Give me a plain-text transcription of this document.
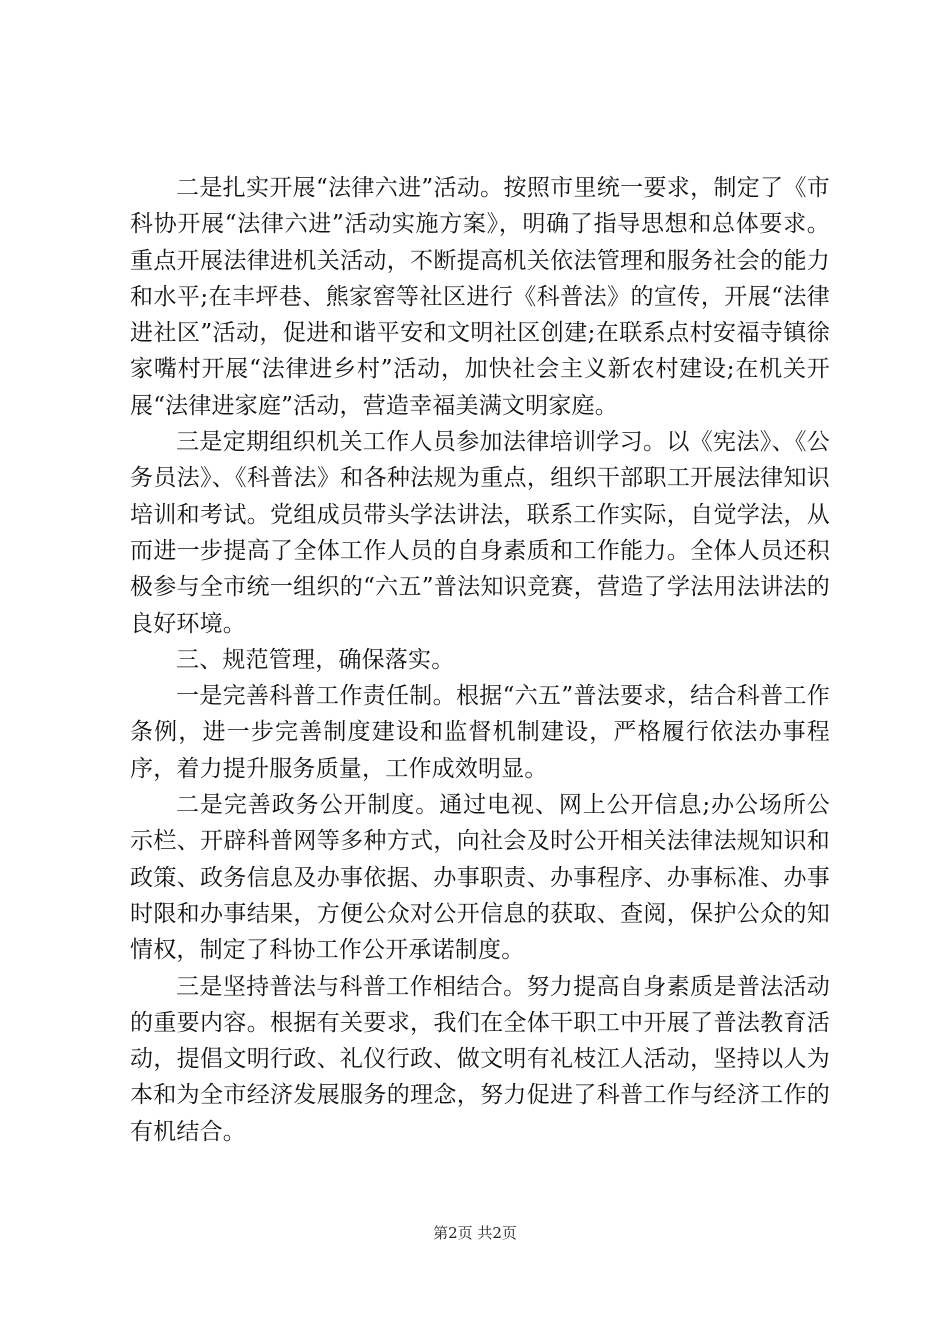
二是扎实开展“法律六进”活动。按照市里统一要求，制定了《市科协开展“法律六进”活动实施方案》，明确了指导思想和总体要求。重点开展法律进机关活动，不断提高机关依法管理和服务社会的能力和水平;在丰坪巷、熊家窖等社区进行《科普法》的宣传，开展“法律进社区”活动，促进和谐平安和文明社区创建;在联系点村安福寺镇徐家嘴村开展“法律进乡村”活动，加快社会主义新农村建设;在机关开展“法律进家庭”活动，营造幸福美满文明家庭。

三是定期组织机关工作人员参加法律培训学习。以《宪法》、《公务员法》、《科普法》和各种法规为重点，组织干部职工开展法律知识培训和考试。党组成员带头学法讲法，联系工作实际，自觉学法，从而进一步提高了全体工作人员的自身素质和工作能力。全体人员还积极参与全市统一组织的“六五”普法知识竞赛，营造了学法用法讲法的良好环境。

三、规范管理，确保落实。

一是完善科普工作责任制。根据“六五”普法要求，结合科普工作条例，进一步完善制度建设和监督机制建设，严格履行依法办事程序，着力提升服务质量，工作成效明显。

二是完善政务公开制度。通过电视、网上公开信息;办公场所公示栏、开辟科普网等多种方式，向社会及时公开相关法律法规知识和政策、政务信息及办事依据、办事职责、办事程序、办事标准、办事时限和办事结果，方便公众对公开信息的获取、查阅，保护公众的知情权，制定了科协工作公开承诺制度。

三是坚持普法与科普工作相结合。努力提高自身素质是普法活动的重要内容。根据有关要求，我们在全体干职工中开展了普法教育活动，提倡文明行政、礼仪行政、做文明有礼枝江人活动，坚持以人为本和为全市经济发展服务的理念，努力促进了科普工作与经济工作的有机结合。

第2页 共2页
